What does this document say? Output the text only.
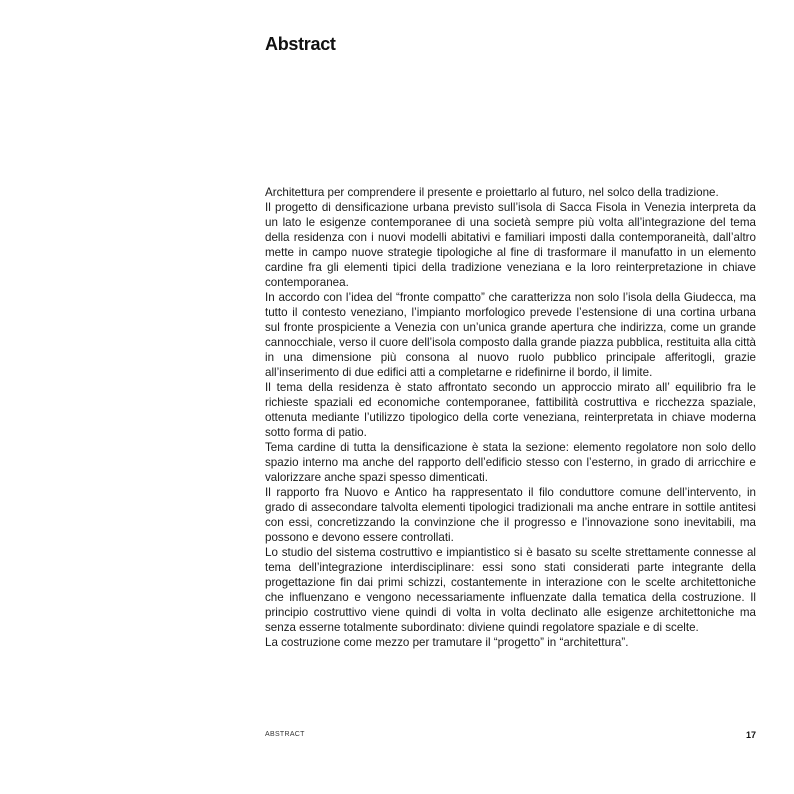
Abstract

Architettura per comprendere il presente e proiettarlo al futuro, nel solco della tradizione.

Il progetto di densificazione urbana previsto sull’isola di Sacca Fisola in Venezia interpreta da un lato le esigenze contemporanee di una società sempre più volta all’integrazione del tema della residenza con i nuovi modelli abitativi e familiari imposti dalla contemporaneità, dall’altro mette in campo nuove strategie tipologiche al fine di trasformare il manufatto in un elemento cardine fra gli elementi tipici della tradizione veneziana e la loro reinterpretazione in chiave contemporanea.

In accordo con l’idea del “fronte compatto” che caratterizza non solo l’isola della Giudecca, ma tutto il contesto veneziano, l’impianto morfologico prevede l’estensione di una cortina urbana sul fronte prospiciente a Venezia con un’unica grande apertura che indirizza, come un grande cannocchiale, verso il cuore dell’isola composto dalla grande piazza pubblica, restituita alla città in una dimensione più consona al nuovo ruolo pubblico principale afferitogli, grazie all’inserimento di due edifici atti a completarne e ridefinirne il bordo, il limite.

Il tema della residenza è stato affrontato secondo un approccio mirato all’ equilibrio fra le richieste spaziali ed economiche contemporanee, fattibilità costruttiva e ricchezza spaziale, ottenuta mediante l’utilizzo tipologico della corte veneziana, reinterpretata in chiave moderna sotto forma di patio.

Tema cardine di tutta la densificazione è stata la sezione: elemento regolatore non solo dello spazio interno ma anche del rapporto dell’edificio stesso con l’esterno, in grado di arricchire e valorizzare anche spazi spesso dimenticati.

Il rapporto fra Nuovo e Antico ha rappresentato il filo conduttore comune dell’intervento, in grado di assecondare talvolta elementi tipologici tradizionali ma anche entrare in sottile antitesi con essi, concretizzando la convinzione che il progresso e l’innovazione sono inevitabili, ma possono e devono essere controllati.

Lo studio del sistema costruttivo e impiantistico si è basato su scelte strettamente connesse al tema dell’integrazione interdisciplinare: essi sono stati considerati parte integrante della progettazione fin dai primi schizzi, costantemente in interazione con le scelte architettoniche che influenzano e vengono necessariamente influenzate dalla tematica della costruzione. Il principio costruttivo viene quindi di volta in volta declinato alle esigenze architettoniche ma senza esserne totalmente subordinato: diviene quindi regolatore spaziale e di scelte.

La costruzione come mezzo per tramutare il “progetto” in “architettura”.

ABSTRACT	17
